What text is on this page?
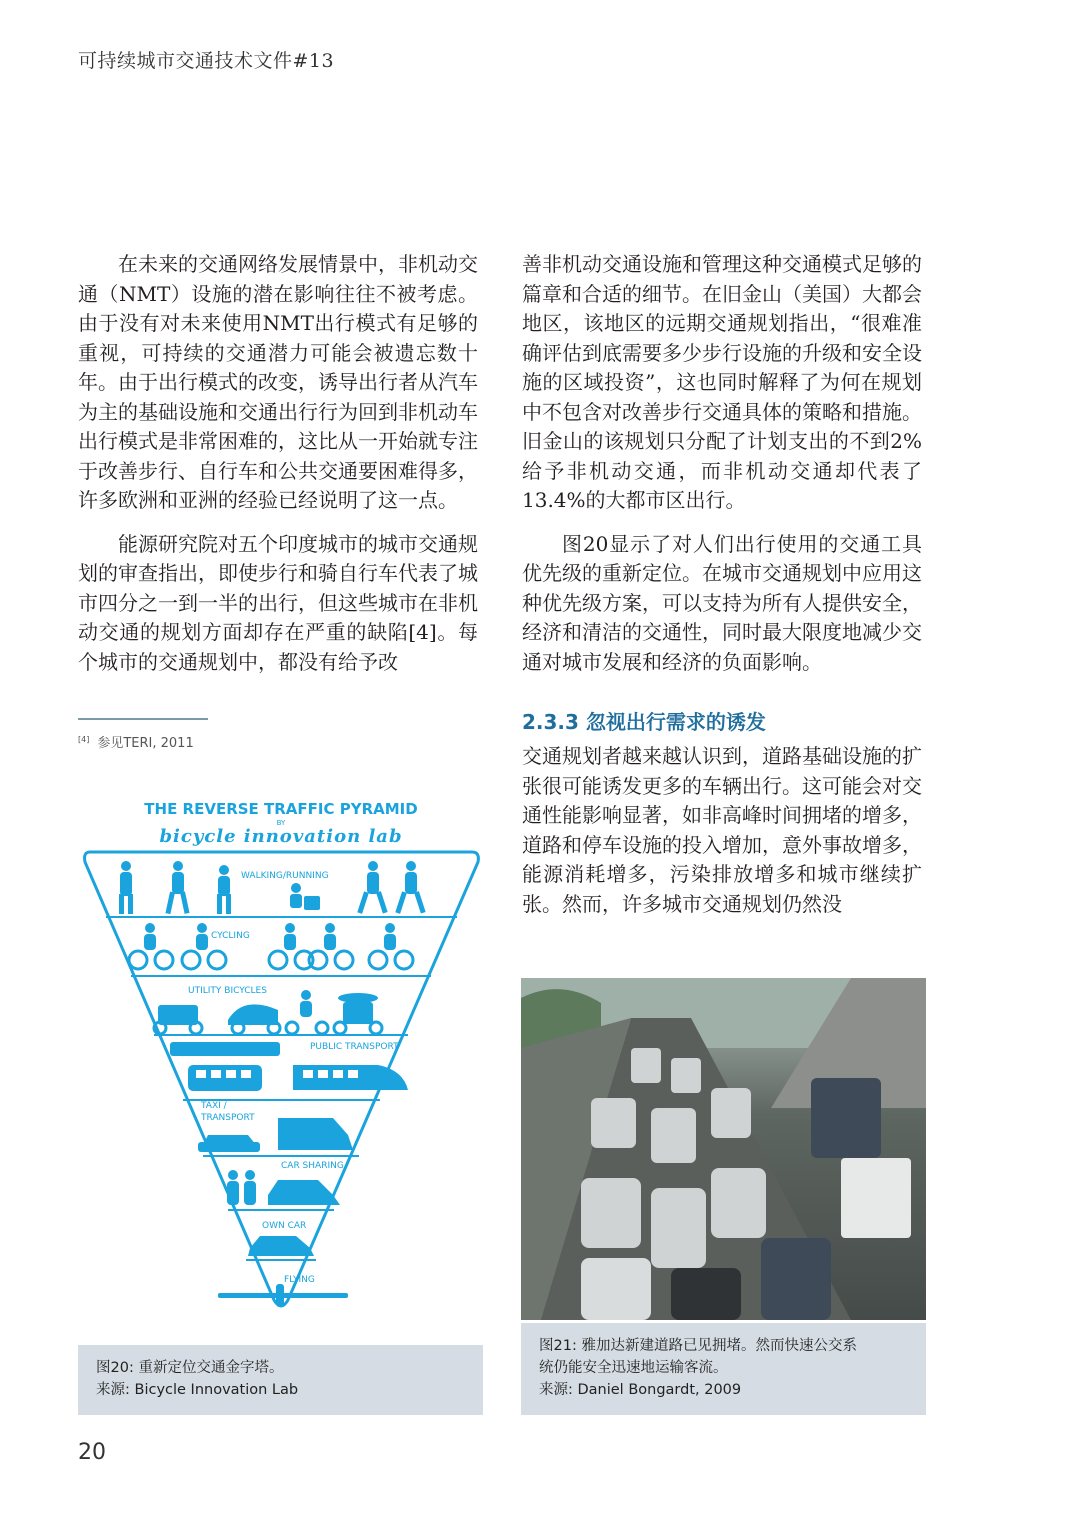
可持续城市交通技术文件#13

在未来的交通网络发展情景中，非机动交通（NMT）设施的潜在影响往往不被考虑。由于没有对未来使用NMT出行模式有足够的重视，可持续的交通潜力可能会被遗忘数十年。由于出行模式的改变，诱导出行者从汽车为主的基础设施和交通出行行为回到非机动车出行模式是非常困难的，这比从一开始就专注于改善步行、自行车和公共交通要困难得多，许多欧洲和亚洲的经验已经说明了这一点。

能源研究院对五个印度城市的城市交通规划的审查指出，即使步行和骑自行车代表了城市四分之一到一半的出行，但这些城市在非机动交通的规划方面却存在严重的缺陷[4]。每个城市的交通规划中，都没有给予改

[4] 参见TERI, 2011

善非机动交通设施和管理这种交通模式足够的篇章和合适的细节。在旧金山（美国）大都会地区，该地区的远期交通规划指出，“很难准确评估到底需要多少步行设施的升级和安全设施的区域投资”，这也同时解释了为何在规划中不包含对改善步行交通具体的策略和措施。旧金山的该规划只分配了计划支出的不到2%给予非机动交通，而非机动交通却代表了13.4%的大都市区出行。

图20显示了对人们出行使用的交通工具优先级的重新定位。在城市交通规划中应用这种优先级方案，可以支持为所有人提供安全，经济和清洁的交通性，同时最大限度地减少交通对城市发展和经济的负面影响。

2.3.3 忽视出行需求的诱发

交通规划者越来越认识到，道路基础设施的扩张很可能诱发更多的车辆出行。这可能会对交通性能影响显著，如非高峰时间拥堵的增多，道路和停车设施的投入增加，意外事故增多，能源消耗增多，污染排放增多和城市继续扩张。然而，许多城市交通规划仍然没

THE REVERSE TRAFFIC PYRAMID
BY
bicycle innovation lab
WALKING/RUNNING
CYCLING
UTILITY BICYCLES
PUBLIC TRANSPORT
TAXI /
TRANSPORT
CAR SHARING
OWN CAR
FLYING
图20: 重新定位交通金字塔。
来源: Bicycle Innovation Lab
图21: 雅加达新建道路已见拥堵。然而快速公交系
统仍能安全迅速地运输客流。
来源: Daniel Bongardt, 2009
20
